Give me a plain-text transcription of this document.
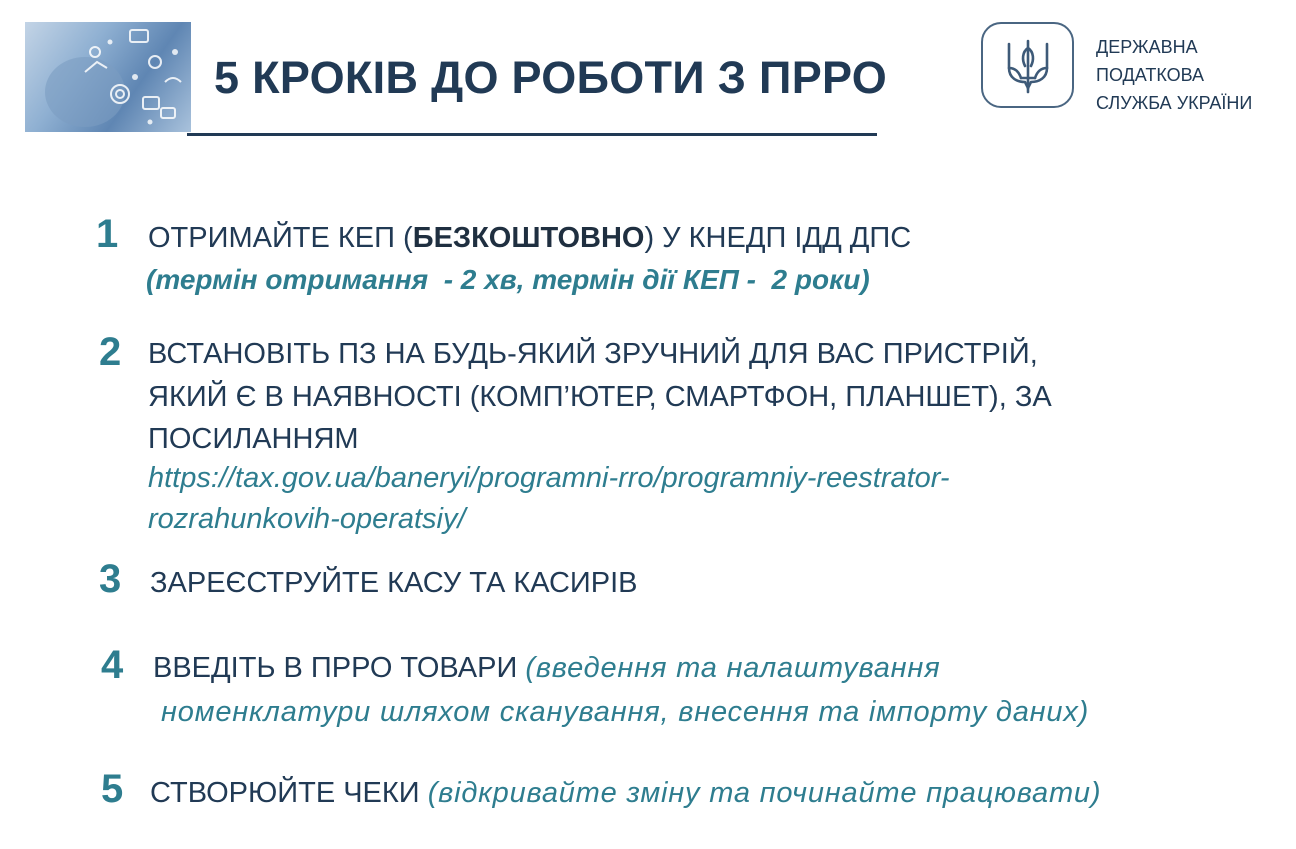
5 КРОКІВ ДО РОБОТИ З ПРРО
ДЕРЖАВНА
ПОДАТКОВА
СЛУЖБА УКРАЇНИ
1 ОТРИМАЙТЕ КЕП (БЕЗКОШТОВНО) У КНЕДП ІДД ДПС
(термін отримання  - 2 хв, термін дії КЕП -  2 роки)
2 ВСТАНОВІТЬ ПЗ НА БУДЬ-ЯКИЙ ЗРУЧНИЙ ДЛЯ ВАС ПРИСТРІЙ,
ЯКИЙ Є В НАЯВНОСТІ (КОМП’ЮТЕР, СМАРТФОН, ПЛАНШЕТ), ЗА
ПОСИЛАННЯМ
https://tax.gov.ua/baneryi/programni-rro/programniy-reestrator-
rozrahunkovih-operatsiy/
3 ЗАРЕЄСТРУЙТЕ КАСУ ТА КАСИРІВ
4 ВВЕДІТЬ В ПРРО ТОВАРИ (введення та налаштування
номенклатури шляхом сканування, внесення та імпорту даних)
5 СТВОРЮЙТЕ ЧЕКИ (відкривайте зміну та починайте працювати)
